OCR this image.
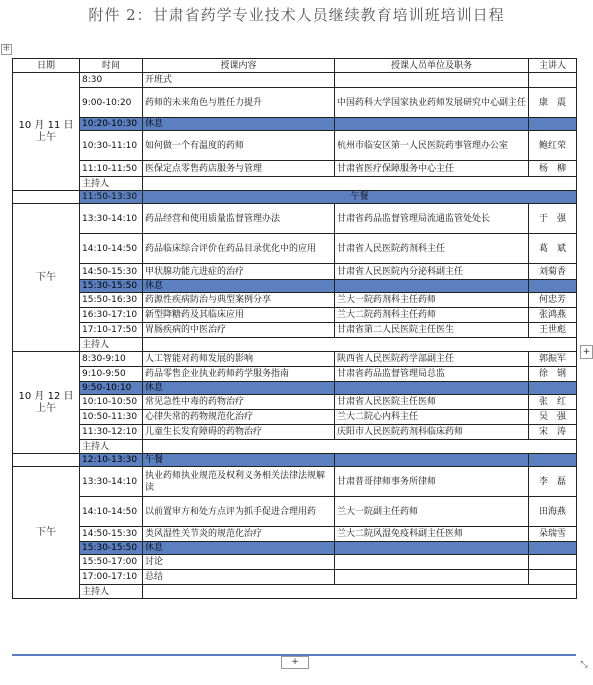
附件 2：甘肃省药学专业技术人员继续教育培训班培训日程
⁜
日期	时间	授课内容	授课人员单位及职务	主讲人

10 月 11 日
上午	8:30	开班式		
	9:00-10:20	药师的未来角色与胜任力提升	中国药科大学国家执业药师发展研究中心副主任	康　震
	10:20-10:30	休息		
	10:30-11:10	如何做一个有温度的药师	杭州市临安区第一人民医院药事管理办公室	鲍红荣
	11:10-11:50	医保定点零售药店服务与管理	甘肃省医疗保障服务中心主任	杨　柳
	主持人			
	11:50-13:30	午餐		
下午	13:30-14:10	药品经营和使用质量监督管理办法	甘肃省药品监督管理局流通监管处处长	于　强
	14:10-14:50	药品临床综合评价在药品目录优化中的应用	甘肃省人民医院药剂科主任	葛　斌
	14:50-15:30	甲状腺功能亢进症的治疗	甘肃省人民医院内分泌科副主任	刘菊香
	15:30-15:50	休息		
	15:50-16:30	药源性疾病防治与典型案例分享	兰大一院药剂科主任药师	何忠芳
	16:30-17:10	新型降糖药及其临床应用	兰大二院药剂科主任药师	张鸿燕
	17:10-17:50	胃肠疾病的中医治疗	甘肃省第二人民医院主任医生	王世彪
	主持人			

10 月 12 日
上午	8:30-9:10	人工智能对药师发展的影响	陕西省人民医院药学部副主任	郭振军
	9:10-9:50	药品零售企业执业药师药学服务指南	甘肃省药品监督管理局总监	徐　钢
	9:50-10:10	休息		
	10:10-10:50	常见急性中毒的药物治疗	甘肃省人民医院主任医师	张　红
	10:50-11:30	心律失常的药物规范化治疗	兰大二院心内科主任	吴　强
	11:30-12:10	儿童生长发育障碍的药物治疗	庆阳市人民医院药剂科临床药师	宋　涛
	主持人			
	12:10-13:30	午餐		
下午	13:30-14:10	执业药师执业规范及权利义务相关法律法规解读	甘肃普哥律师事务所律师	李　磊
	14:10-14:50	以前置审方和处方点评为抓手促进合理用药	兰大一院副主任药师	田海燕
	14:50-15:30	类风湿性关节炎的规范化治疗	兰大二院风湿免疫科副主任医师	朵瑞雪
	15:30-15:50	休息		
	15:50-17:00	讨论		
	17:00-17:10	总结		
	主持人			
+
+
⤡
